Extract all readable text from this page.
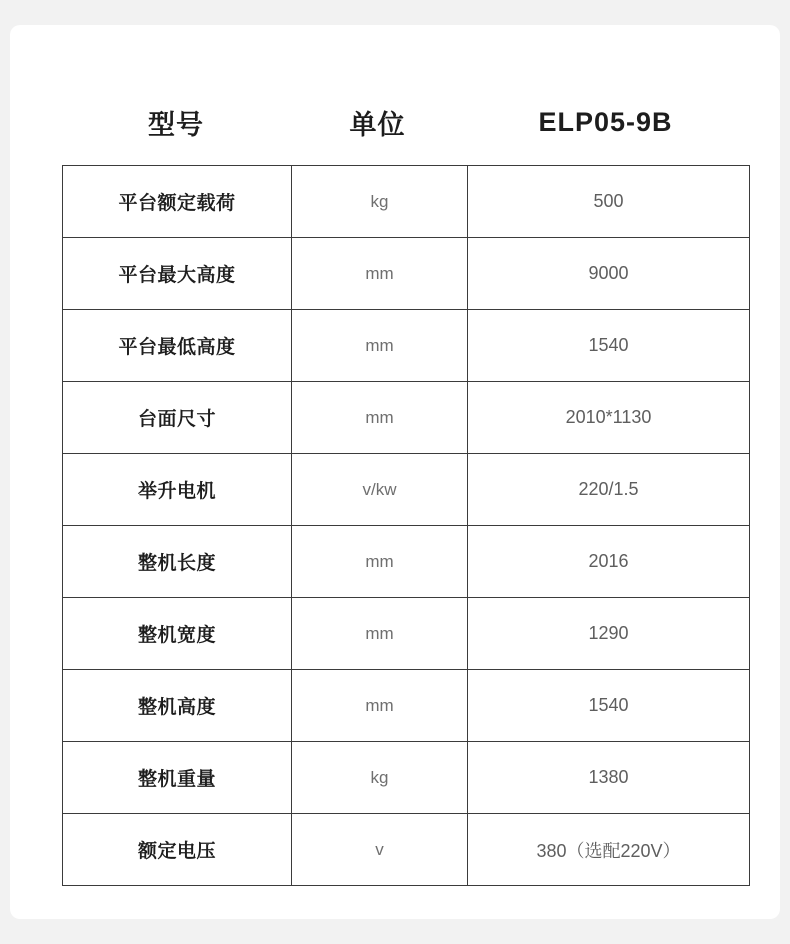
型号	单位	ELP05-9B
平台额定载荷	kg	500
平台最大高度	mm	9000
平台最低高度	mm	1540
台面尺寸	mm	2010*1130
举升电机	v/kw	220/1.5
整机长度	mm	2016
整机宽度	mm	1290
整机高度	mm	1540
整机重量	kg	1380
额定电压	v	380（选配220V）
